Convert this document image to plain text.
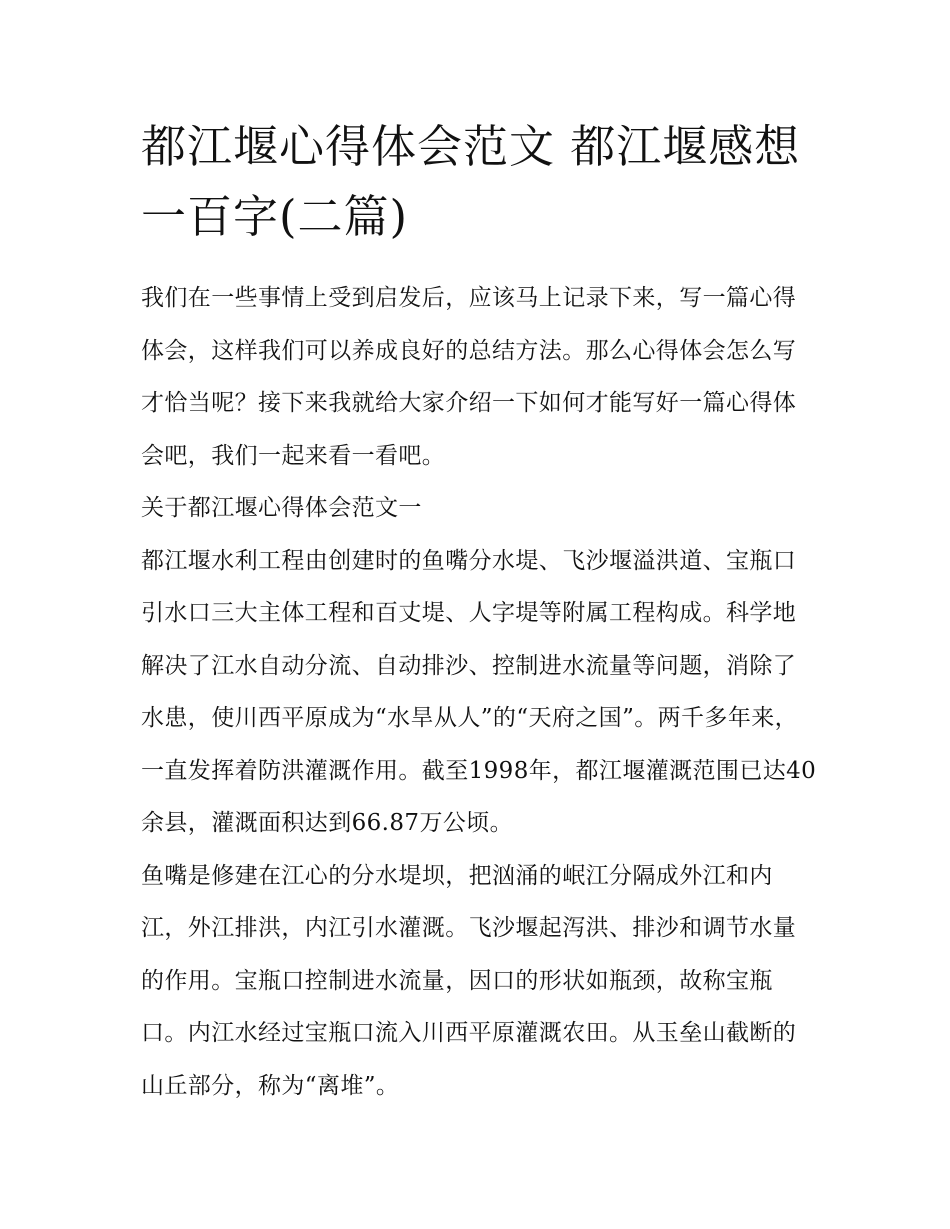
都江堰心得体会范文 都江堰感想一百字(二篇)

我们在一些事情上受到启发后，应该马上记录下来，写一篇心得体会，这样我们可以养成良好的总结方法。那么心得体会怎么写才恰当呢？接下来我就给大家介绍一下如何才能写好一篇心得体会吧，我们一起来看一看吧。

关于都江堰心得体会范文一

都江堰水利工程由创建时的鱼嘴分水堤、飞沙堰溢洪道、宝瓶口引水口三大主体工程和百丈堤、人字堤等附属工程构成。科学地解决了江水自动分流、自动排沙、控制进水流量等问题，消除了水患，使川西平原成为“水旱从人”的“天府之国”。两千多年来，一直发挥着防洪灌溉作用。截至1998年，都江堰灌溉范围已达40余县，灌溉面积达到66.87万公顷。

鱼嘴是修建在江心的分水堤坝，把汹涌的岷江分隔成外江和内江，外江排洪，内江引水灌溉。飞沙堰起泻洪、排沙和调节水量的作用。宝瓶口控制进水流量，因口的形状如瓶颈，故称宝瓶口。内江水经过宝瓶口流入川西平原灌溉农田。从玉垒山截断的山丘部分，称为“离堆”。
